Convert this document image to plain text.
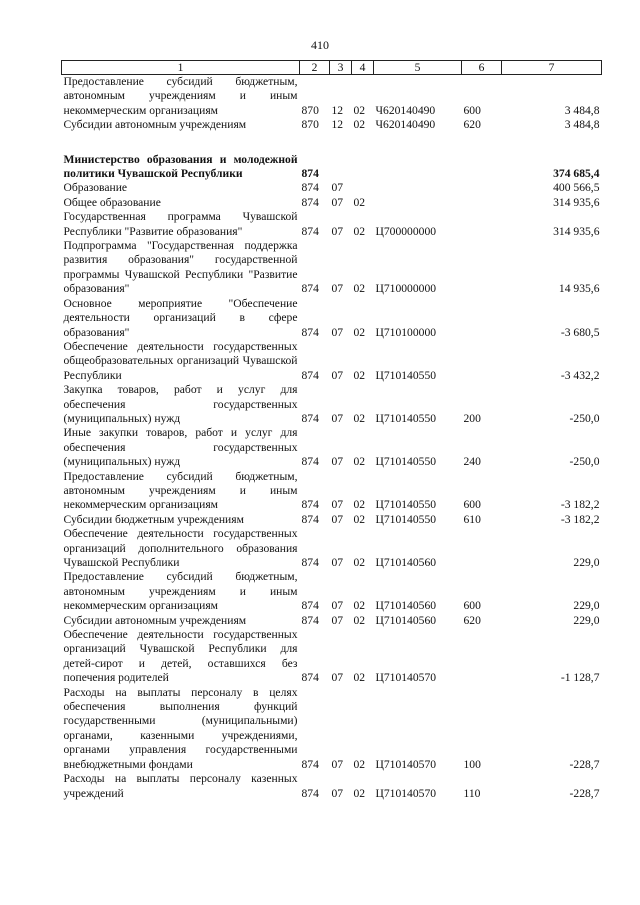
410
1	2	3	4	5	6	7
Предоставление субсидий бюджетным, автономным учреждениям и иным некоммерческим организациям	870	12	02	Ч620140490	600	3 484,8
Субсидии автономным учреждениям	870	12	02	Ч620140490	620	3 484,8

Министерство образования и молодежной политики Чувашской Республики	874					374 685,4
Образование	874	07				400 566,5
Общее образование	874	07	02			314 935,6
Государственная программа Чувашской Республики "Развитие образования"	874	07	02	Ц700000000		314 935,6
Подпрограмма "Государственная поддержка развития образования" государственной программы Чувашской Республики "Развитие образования"	874	07	02	Ц710000000		14 935,6
Основное мероприятие "Обеспечение деятельности организаций в сфере образования"	874	07	02	Ц710100000		-3 680,5
Обеспечение деятельности государственных общеобразовательных организаций Чувашской Республики	874	07	02	Ц710140550		-3 432,2
Закупка товаров, работ и услуг для обеспечения государственных (муниципальных) нужд	874	07	02	Ц710140550	200	-250,0
Иные закупки товаров, работ и услуг для обеспечения государственных (муниципальных) нужд	874	07	02	Ц710140550	240	-250,0
Предоставление субсидий бюджетным, автономным учреждениям и иным некоммерческим организациям	874	07	02	Ц710140550	600	-3 182,2
Субсидии бюджетным учреждениям	874	07	02	Ц710140550	610	-3 182,2
Обеспечение деятельности государственных организаций дополнительного образования Чувашской Республики	874	07	02	Ц710140560		229,0
Предоставление субсидий бюджетным, автономным учреждениям и иным некоммерческим организациям	874	07	02	Ц710140560	600	229,0
Субсидии автономным учреждениям	874	07	02	Ц710140560	620	229,0
Обеспечение деятельности государственных организаций Чувашской Республики для детей-сирот и детей, оставшихся без попечения родителей	874	07	02	Ц710140570		-1 128,7
Расходы на выплаты персоналу в целях обеспечения выполнения функций государственными (муниципальными) органами, казенными учреждениями, органами управления государственными внебюджетными фондами	874	07	02	Ц710140570	100	-228,7
Расходы на выплаты персоналу казенных учреждений	874	07	02	Ц710140570	110	-228,7
